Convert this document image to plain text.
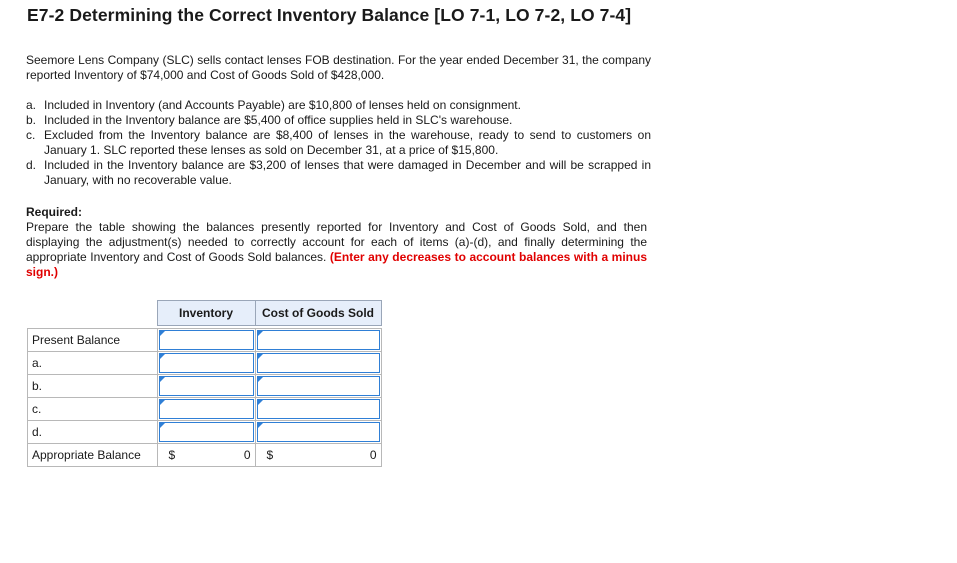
E7-2 Determining the Correct Inventory Balance [LO 7-1, LO 7-2, LO 7-4]
Seemore Lens Company (SLC) sells contact lenses FOB destination. For the year ended December 31, the company reported Inventory of $74,000 and Cost of Goods Sold of $428,000.
a. Included in Inventory (and Accounts Payable) are $10,800 of lenses held on consignment.
b. Included in the Inventory balance are $5,400 of office supplies held in SLC's warehouse.
c. Excluded from the Inventory balance are $8,400 of lenses in the warehouse, ready to send to customers on January 1. SLC reported these lenses as sold on December 31, at a price of $15,800.
d. Included in the Inventory balance are $3,200 of lenses that were damaged in December and will be scrapped in January, with no recoverable value.
Required:
Prepare the table showing the balances presently reported for Inventory and Cost of Goods Sold, and then displaying the adjustment(s) needed to correctly account for each of items (a)-(d), and finally determining the appropriate Inventory and Cost of Goods Sold balances. (Enter any decreases to account balances with a minus sign.)
	Inventory	Cost of Goods Sold

Present Balance	

a.	

b.	

c.	

d.	

Appropriate Balance	$ 0	$ 0
